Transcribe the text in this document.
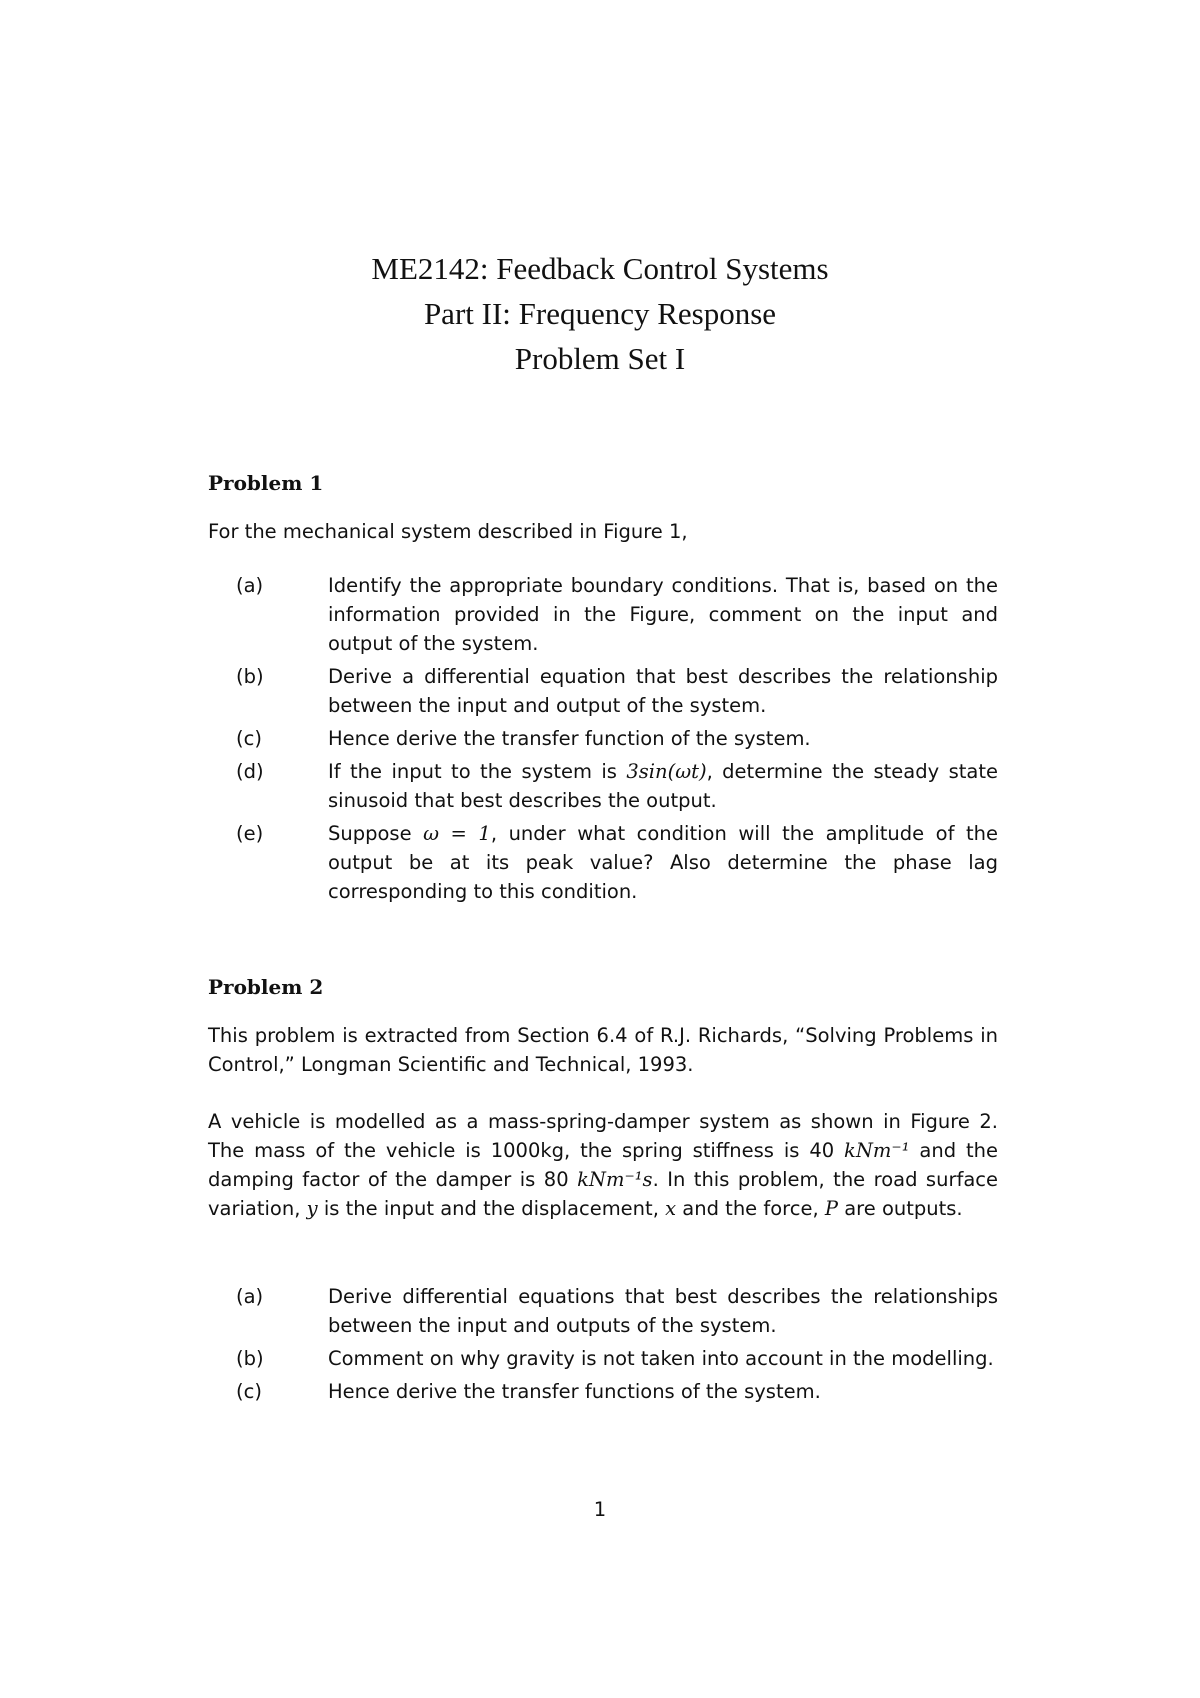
ME2142: Feedback Control Systems
Part II: Frequency Response
Problem Set I
Problem 1
For the mechanical system described in Figure 1,
(a)	Identify the appropriate boundary conditions. That is, based on the information provided in the Figure, comment on the input and output of the system.
(b)	Derive a differential equation that best describes the relationship between the input and output of the system.
(c)	Hence derive the transfer function of the system.
(d)	If the input to the system is 3sin(ωt), determine the steady state sinusoid that best describes the output.
(e)	Suppose ω = 1, under what condition will the amplitude of the output be at its peak value? Also determine the phase lag corresponding to this condition.
Problem 2
This problem is extracted from Section 6.4 of R.J. Richards, “Solving Problems in Control,” Longman Scientific and Technical, 1993.
A vehicle is modelled as a mass-spring-damper system as shown in Figure 2. The mass of the vehicle is 1000kg, the spring stiffness is 40 kNm⁻¹ and the damping factor of the damper is 80 kNm⁻¹s. In this problem, the road surface variation, y is the input and the displacement, x and the force, P are outputs.
(a)	Derive differential equations that best describes the relationships between the input and outputs of the system.
(b)	Comment on why gravity is not taken into account in the modelling.
(c)	Hence derive the transfer functions of the system.
1
